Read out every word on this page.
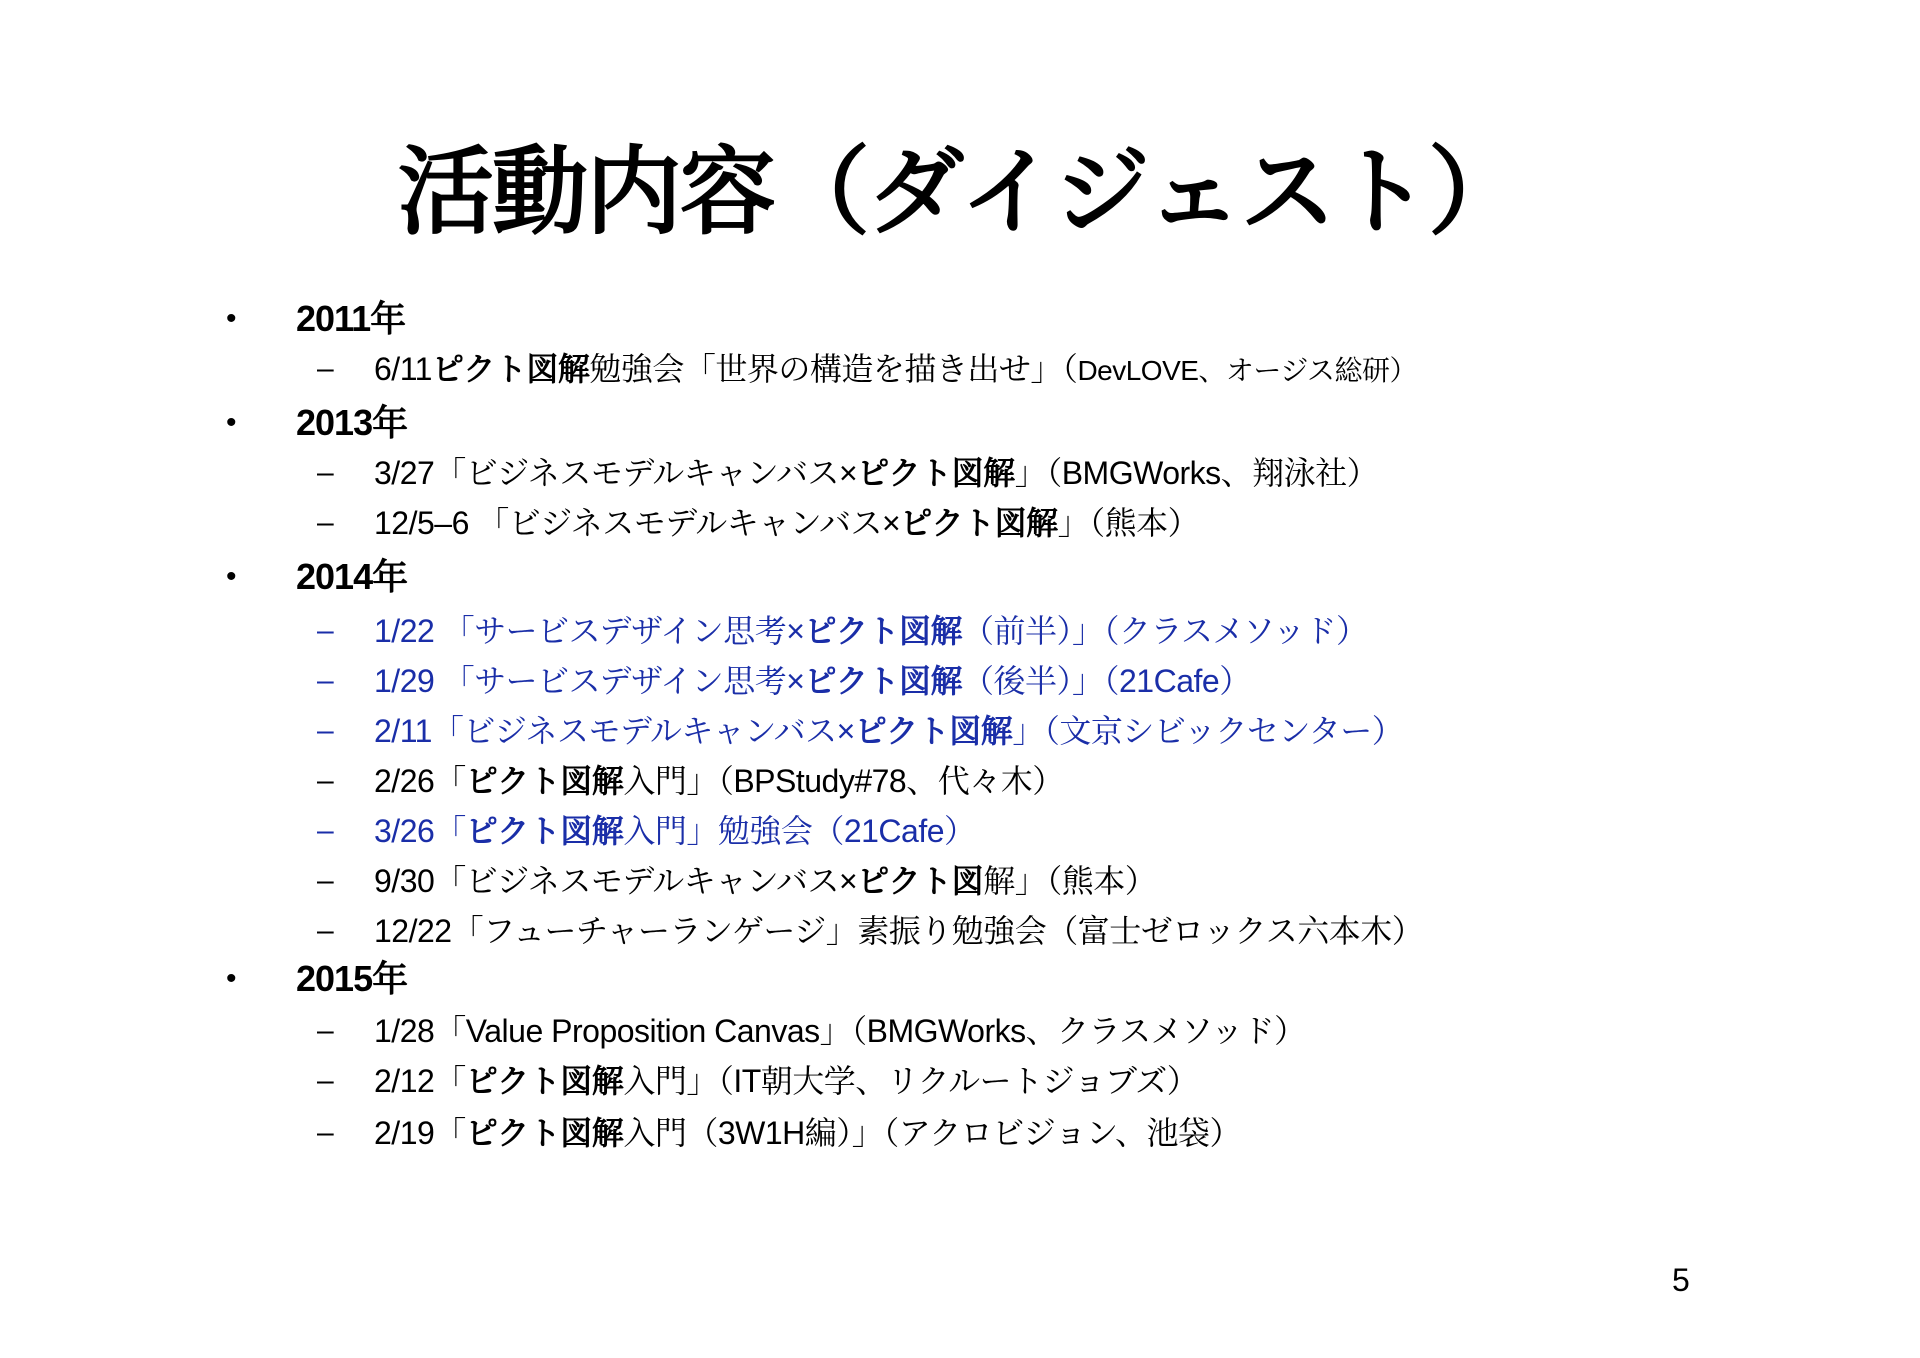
活動内容（ダイジェスト）
• 2011年
– 6/11ピクト図解勉強会「世界の構造を描き出せ」（DevLOVE、オージス総研）
• 2013年
– 3/27「ビジネスモデルキャンバス×ピクト図解」（BMGWorks、翔泳社）
– 12/5‒6 「ビジネスモデルキャンバス×ピクト図解」（熊本）
• 2014年
– 1/22 「サービスデザイン思考×ピクト図解（前半）」（クラスメソッド）
– 1/29 「サービスデザイン思考×ピクト図解（後半）」（21Cafe）
– 2/11「ビジネスモデルキャンバス×ピクト図解」（文京シビックセンター）
– 2/26「ピクト図解入門」（BPStudy#78、代々木）
– 3/26「ピクト図解入門」勉強会（21Cafe）
– 9/30「ビジネスモデルキャンバス×ピクト図解」（熊本）
– 12/22「フューチャーランゲージ」素振り勉強会（富士ゼロックス六本木）
• 2015年
– 1/28「Value Proposition Canvas」（BMGWorks、クラスメソッド）
– 2/12「ピクト図解入門」（IT朝大学、リクルートジョブズ）
– 2/19「ピクト図解入門（3W1H編）」（アクロビジョン、池袋）
5
